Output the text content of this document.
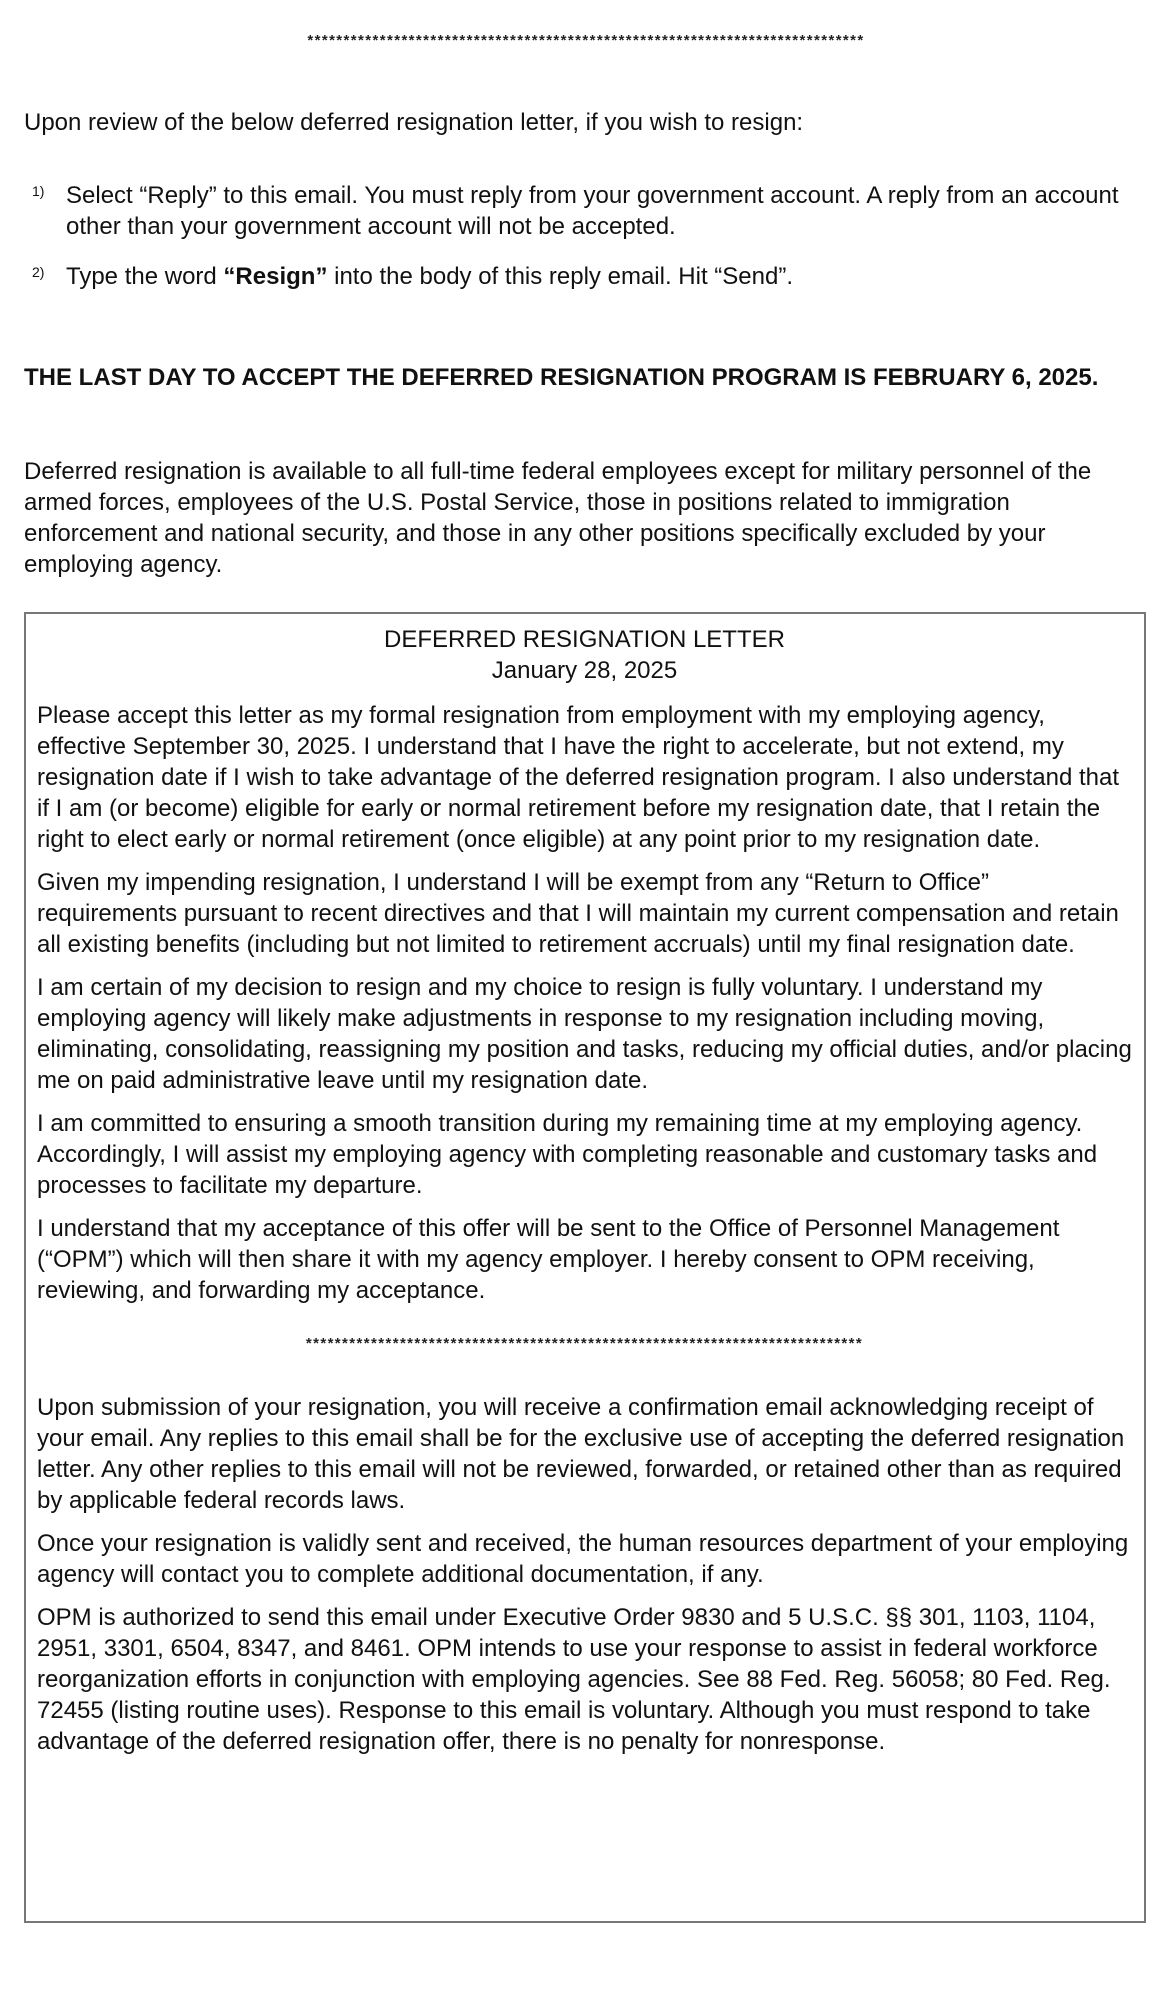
*****************************************************************************

Upon review of the below deferred resignation letter, if you wish to resign:

1) Select “Reply” to this email. You must reply from your government account. A reply from an account other than your government account will not be accepted.
2) Type the word “Resign” into the body of this reply email. Hit “Send”.

THE LAST DAY TO ACCEPT THE DEFERRED RESIGNATION PROGRAM IS FEBRUARY 6, 2025.

Deferred resignation is available to all full-time federal employees except for military personnel of the armed forces, employees of the U.S. Postal Service, those in positions related to immigration enforcement and national security, and those in any other positions specifically excluded by your employing agency.

DEFERRED RESIGNATION LETTER

January 28, 2025

Please accept this letter as my formal resignation from employment with my employing agency, effective September 30, 2025. I understand that I have the right to accelerate, but not extend, my resignation date if I wish to take advantage of the deferred resignation program. I also understand that if I am (or become) eligible for early or normal retirement before my resignation date, that I retain the right to elect early or normal retirement (once eligible) at any point prior to my resignation date.

Given my impending resignation, I understand I will be exempt from any “Return to Office” requirements pursuant to recent directives and that I will maintain my current compensation and retain all existing benefits (including but not limited to retirement accruals) until my final resignation date.

I am certain of my decision to resign and my choice to resign is fully voluntary. I understand my employing agency will likely make adjustments in response to my resignation including moving, eliminating, consolidating, reassigning my position and tasks, reducing my official duties, and/or placing me on paid administrative leave until my resignation date.

I am committed to ensuring a smooth transition during my remaining time at my employing agency. Accordingly, I will assist my employing agency with completing reasonable and customary tasks and processes to facilitate my departure.

I understand that my acceptance of this offer will be sent to the Office of Personnel Management (“OPM”) which will then share it with my agency employer. I hereby consent to OPM receiving, reviewing, and forwarding my acceptance.

*****************************************************************************

Upon submission of your resignation, you will receive a confirmation email acknowledging receipt of your email. Any replies to this email shall be for the exclusive use of accepting the deferred resignation letter. Any other replies to this email will not be reviewed, forwarded, or retained other than as required by applicable federal records laws.

Once your resignation is validly sent and received, the human resources department of your employing agency will contact you to complete additional documentation, if any.

OPM is authorized to send this email under Executive Order 9830 and 5 U.S.C. §§ 301, 1103, 1104, 2951, 3301, 6504, 8347, and 8461. OPM intends to use your response to assist in federal workforce reorganization efforts in conjunction with employing agencies. See 88 Fed. Reg. 56058; 80 Fed. Reg. 72455 (listing routine uses). Response to this email is voluntary. Although you must respond to take advantage of the deferred resignation offer, there is no penalty for nonresponse.
